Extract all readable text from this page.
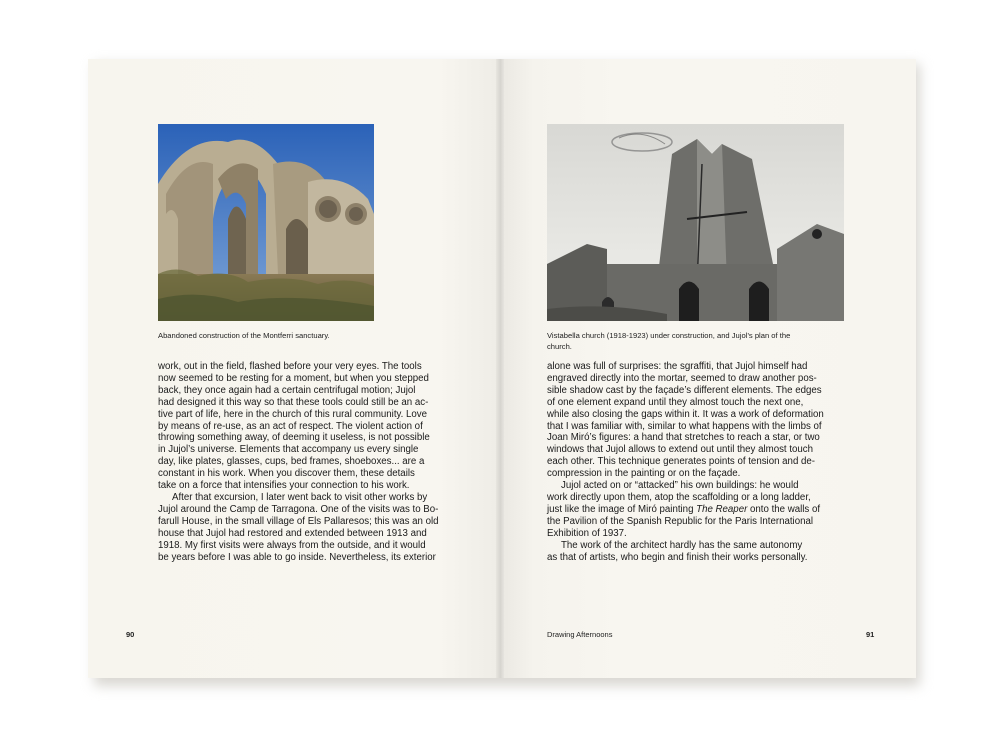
Abandoned construction of the Montferri sanctuary.
work, out in the field, flashed before your very eyes. The tools
now seemed to be resting for a moment, but when you stepped
back, they once again had a certain centrifugal motion; Jujol
had designed it this way so that these tools could still be an ac-
tive part of life, here in the church of this rural community. Love
by means of re-use, as an act of respect. The violent action of
throwing something away, of deeming it useless, is not possible
in Jujol’s universe. Elements that accompany us every single
day, like plates, glasses, cups, bed frames, shoeboxes... are a
constant in his work. When you discover them, these details
take on a force that intensifies your connection to his work.
After that excursion, I later went back to visit other works by
Jujol around the Camp de Tarragona. One of the visits was to Bo-
farull House, in the small village of Els Pallaresos; this was an old
house that Jujol had restored and extended between 1913 and
1918. My first visits were always from the outside, and it would
be years before I was able to go inside. Nevertheless, its exterior
90
Vistabella church (1918-1923) under construction, and Jujol’s plan of the
church.
alone was full of surprises: the sgraffiti, that Jujol himself had
engraved directly into the mortar, seemed to draw another pos-
sible shadow cast by the façade’s different elements. The edges
of one element expand until they almost touch the next one,
while also closing the gaps within it. It was a work of deformation
that I was familiar with, similar to what happens with the limbs of
Joan Miró’s figures: a hand that stretches to reach a star, or two
windows that Jujol allows to extend out until they almost touch
each other. This technique generates points of tension and de-
compression in the painting or on the façade.
Jujol acted on or “attacked” his own buildings: he would
work directly upon them, atop the scaffolding or a long ladder,
just like the image of Miró painting The Reaper onto the walls of
the Pavilion of the Spanish Republic for the Paris International
Exhibition of 1937.
The work of the architect hardly has the same autonomy
as that of artists, who begin and finish their works personally.
Drawing Afternoons	91
